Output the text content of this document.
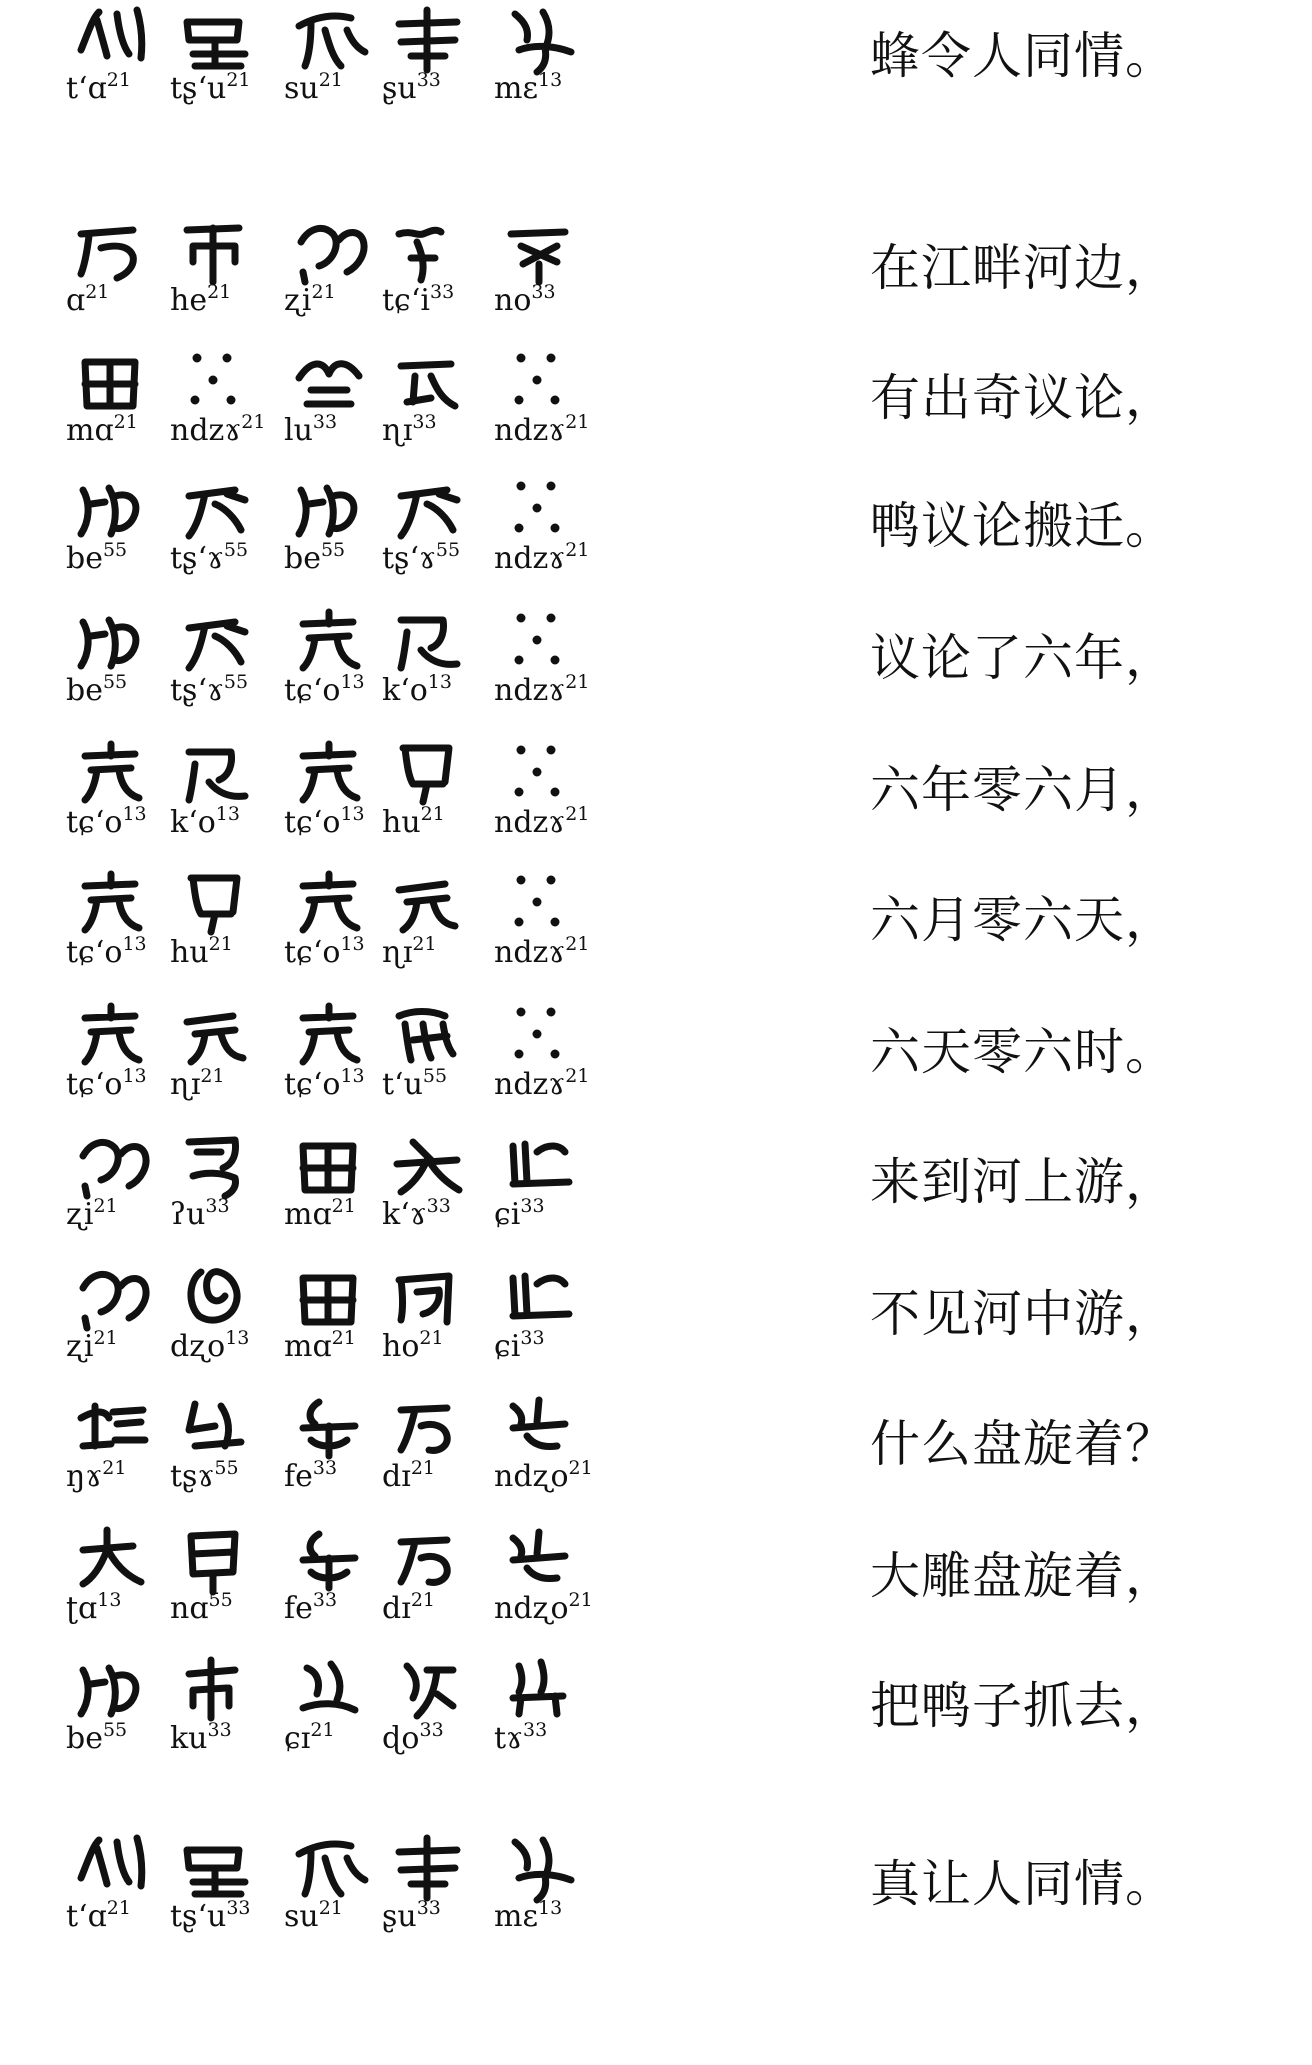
tʻɑ$^{21}$ tʂʻu$^{21}$ $su^{21}$ ʂu$^{33}$ mɛ$^{13}$	蜂令人同情。
ɑ$^{21}$ $he^{21}$ ʐi$^{21}$ tɕʻi$^{33}$ $no^{33}$	在江畔河边，
mɑ$^{21}$ ndzɤ$^{21}$ $lu^{33}$ ɳɪ$^{33}$ ndzɤ$^{21}$	有出奇议论，
$be^{55}$ tʂʻɤ$^{55}$ $be^{55}$ tʂʻɤ$^{55}$ ndzɤ$^{21}$	鸭议论搬迁。
$be^{55}$ tʂʻɤ$^{55}$ tɕʻo$^{13}$ kʻo$^{13}$ ndzɤ$^{21}$	议论了六年，
tɕʻo$^{13}$ kʻo$^{13}$ tɕʻo$^{13}$ $hu^{21}$ ndzɤ$^{21}$	六年零六月，
tɕʻo$^{13}$ $hu^{21}$ tɕʻo$^{13}$ ɳɪ$^{21}$ ndzɤ$^{21}$	六月零六天，
tɕʻo$^{13}$ ɳɪ$^{21}$ tɕʻo$^{13}$ tʻu$^{55}$ ndzɤ$^{21}$	六天零六时。
ʐi$^{21}$ ʔu$^{33}$ mɑ$^{21}$ kʻɤ$^{33}$ ɕi$^{33}$	来到河上游，
ʐi$^{21}$ dʐo$^{13}$ mɑ$^{21}$ $ho^{21}$ ɕi$^{33}$	不见河中游，
ŋɤ$^{21}$ tʂɤ$^{55}$ $fe^{33}$ dɪ$^{21}$ ndʐo$^{21}$	什么盘旋着？
ʈɑ$^{13}$ nɑ$^{55}$ $fe^{33}$ dɪ$^{21}$ ndʐo$^{21}$	大雕盘旋着，
$be^{55}$ $ku^{33}$ ɕɪ$^{21}$ ɖo$^{33}$ tɤ$^{33}$	把鸭子抓去，
tʻɑ$^{21}$ tʂʻu$^{33}$ $su^{21}$ ʂu$^{33}$ mɛ$^{13}$	真让人同情。
